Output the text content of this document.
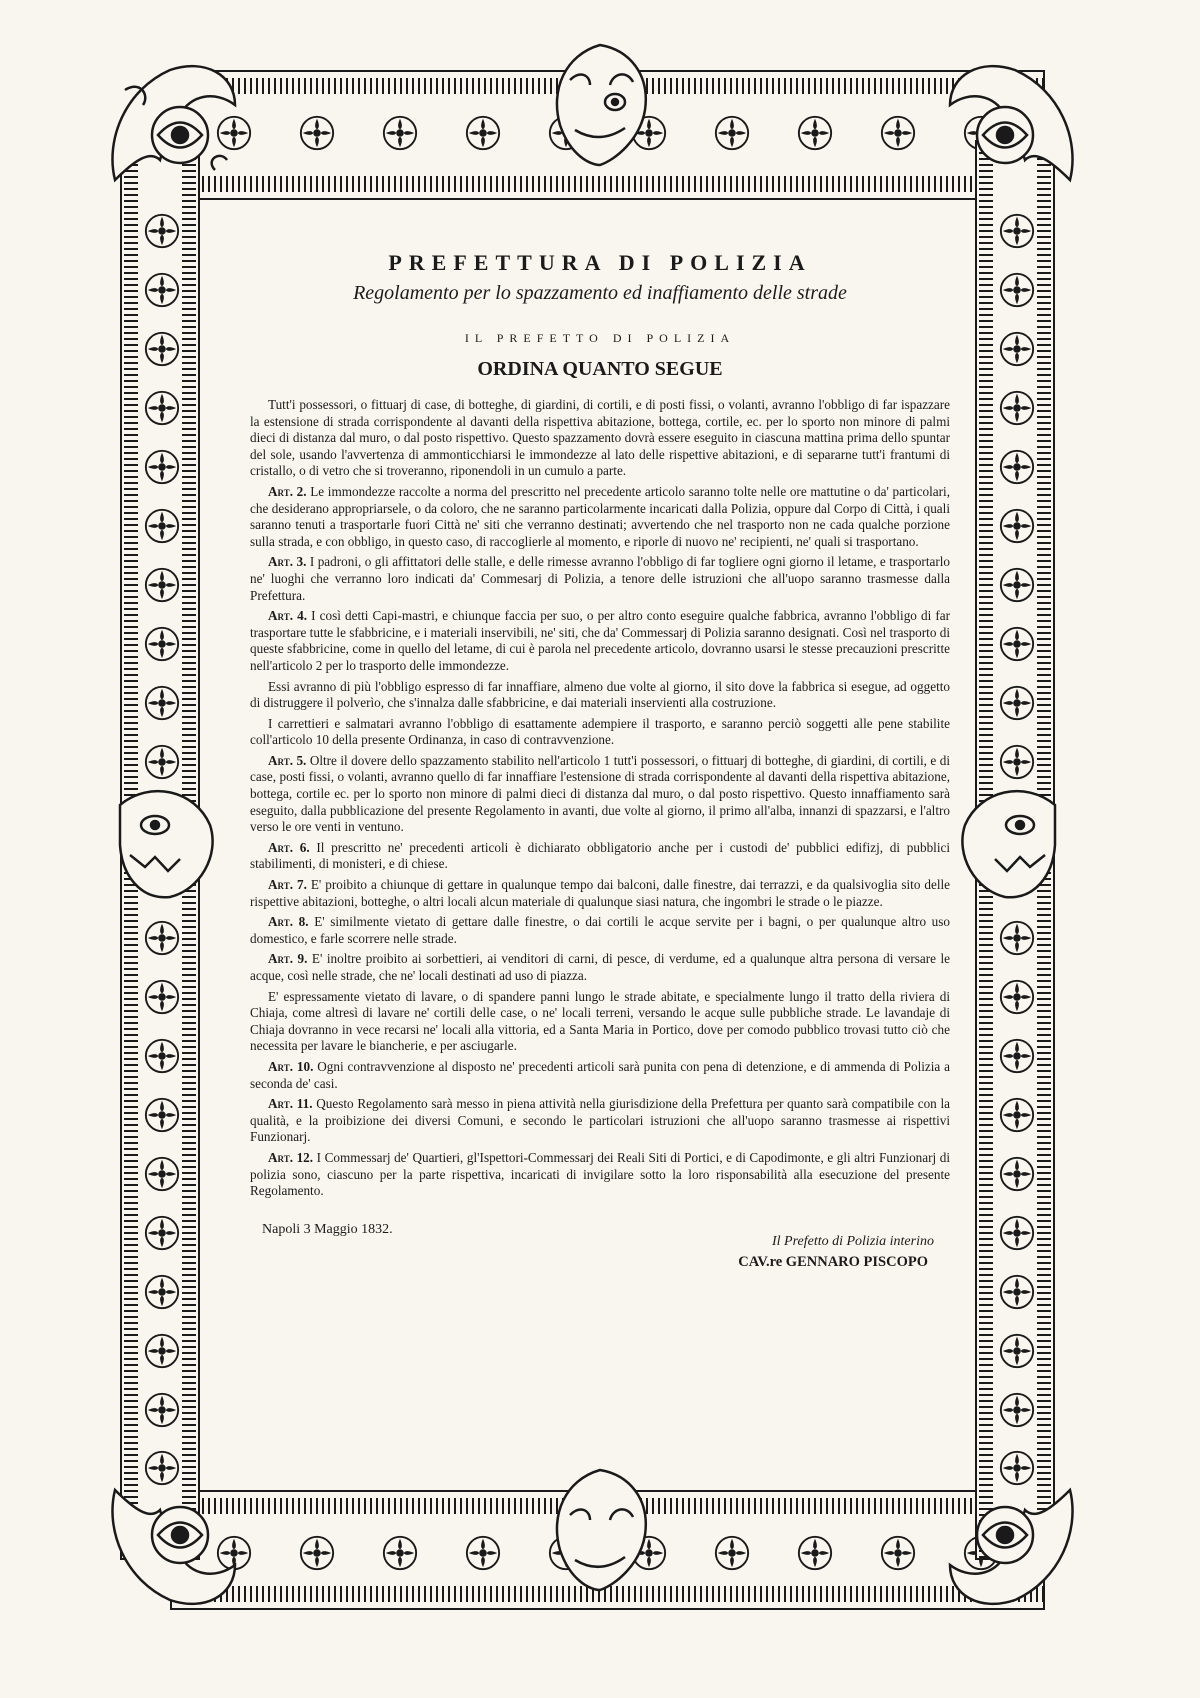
PREFETTURA DI POLIZIA
Regolamento per lo spazzamento ed inaffiamento delle strade
IL PREFETTO DI POLIZIA
ORDINA QUANTO SEGUE

Tutt'i possessori, o fittuarj di case, di botteghe, di giardini, di cortili, e di posti fissi, o volanti, avranno l'obbligo di far ispazzare la estensione di strada corrispondente al davanti della rispettiva abitazione, bottega, cortile, ec. per lo sporto non minore di palmi dieci di distanza dal muro, o dal posto rispettivo. Questo spazzamento dovrà essere eseguito in ciascuna mattina prima dello spuntar del sole, usando l'avvertenza di ammonticchiarsi le immondezze al lato delle rispettive abitazioni, e di separarne tutt'i frantumi di cristallo, o di vetro che si troveranno, riponendoli in un cumulo a parte.

Art. 2. Le immondezze raccolte a norma del prescritto nel precedente articolo saranno tolte nelle ore mattutine o da' particolari, che desiderano appropriarsele, o da coloro, che ne saranno particolarmente incaricati dalla Polizia, oppure dal Corpo di Città, i quali saranno tenuti a trasportarle fuori Città ne' siti che verranno destinati; avvertendo che nel trasporto non ne cada qualche porzione sulla strada, e con obbligo, in questo caso, di raccoglierle al momento, e riporle di nuovo ne' recipienti, ne' quali si trasportano.

Art. 3. I padroni, o gli affittatori delle stalle, e delle rimesse avranno l'obbligo di far togliere ogni giorno il letame, e trasportarlo ne' luoghi che verranno loro indicati da' Commesarj di Polizia, a tenore delle istruzioni che all'uopo saranno trasmesse dalla Prefettura.

Art. 4. I così detti Capi-mastri, e chiunque faccia per suo, o per altro conto eseguire qualche fabbrica, avranno l'obbligo di far trasportare tutte le sfabbricine, e i materiali inservibili, ne' siti, che da' Commessarj di Polizia saranno designati. Così nel trasporto di queste sfabbricine, come in quello del letame, di cui è parola nel precedente articolo, dovranno usarsi le stesse precauzioni prescritte nell'articolo 2 per lo trasporto delle immondezze.

Essi avranno di più l'obbligo espresso di far innaffiare, almeno due volte al giorno, il sito dove la fabbrica si esegue, ad oggetto di distruggere il polverìo, che s'innalza dalle sfabbricine, e dai materiali inservienti alla costruzione.

I carrettieri e salmatari avranno l'obbligo di esattamente adempiere il trasporto, e saranno perciò soggetti alle pene stabilite coll'articolo 10 della presente Ordinanza, in caso di contravvenzione.

Art. 5. Oltre il dovere dello spazzamento stabilito nell'articolo 1 tutt'i possessori, o fittuarj di botteghe, di giardini, di cortili, e di case, posti fissi, o volanti, avranno quello di far innaffiare l'estensione di strada corrispondente al davanti della rispettiva abitazione, bottega, cortile ec. per lo sporto non minore di palmi dieci di distanza dal muro, o dal posto rispettivo. Questo innaffiamento sarà eseguito, dalla pubblicazione del presente Regolamento in avanti, due volte al giorno, il primo all'alba, innanzi di spazzarsi, e l'altro verso le ore venti in ventuno.

Art. 6. Il prescritto ne' precedenti articoli è dichiarato obbligatorio anche per i custodi de' pubblici edifizj, di pubblici stabilimenti, di monisteri, e di chiese.

Art. 7. E' proibito a chiunque di gettare in qualunque tempo dai balconi, dalle finestre, dai terrazzi, e da qualsivoglia sito delle rispettive abitazioni, botteghe, o altri locali alcun materiale di qualunque siasi natura, che ingombri le strade o le piazze.

Art. 8. E' similmente vietato di gettare dalle finestre, o dai cortili le acque servite per i bagni, o per qualunque altro uso domestico, e farle scorrere nelle strade.

Art. 9. E' inoltre proibito ai sorbettieri, ai venditori di carni, di pesce, di verdume, ed a qualunque altra persona di versare le acque, così nelle strade, che ne' locali destinati ad uso di piazza.

E' espressamente vietato di lavare, o di spandere panni lungo le strade abitate, e specialmente lungo il tratto della riviera di Chiaja, come altresì di lavare ne' cortili delle case, o ne' locali terreni, versando le acque sulle pubbliche strade. Le lavandaje di Chiaja dovranno in vece recarsi ne' locali alla vittoria, ed a Santa Maria in Portico, dove per comodo pubblico trovasi tutto ciò che necessita per lavare le biancherie, e per asciugarle.

Art. 10. Ogni contravvenzione al disposto ne' precedenti articoli sarà punita con pena di detenzione, e di ammenda di Polizia a seconda de' casi.

Art. 11. Questo Regolamento sarà messo in piena attività nella giurisdizione della Prefettura per quanto sarà compatibile con la qualità, e la proibizione dei diversi Comuni, e secondo le particolari istruzioni che all'uopo saranno trasmesse ai rispettivi Funzionarj.

Art. 12. I Commessarj de' Quartieri, gl'Ispettori-Commessarj dei Reali Siti di Portici, e di Capodimonte, e gli altri Funzionarj di polizia sono, ciascuno per la parte rispettiva, incaricati di invigilare sotto la loro risponsabilità alla esecuzione del presente Regolamento.

Napoli 3 Maggio 1832.
Il Prefetto di Polizia interino
CAV.re GENNARO PISCOPO
